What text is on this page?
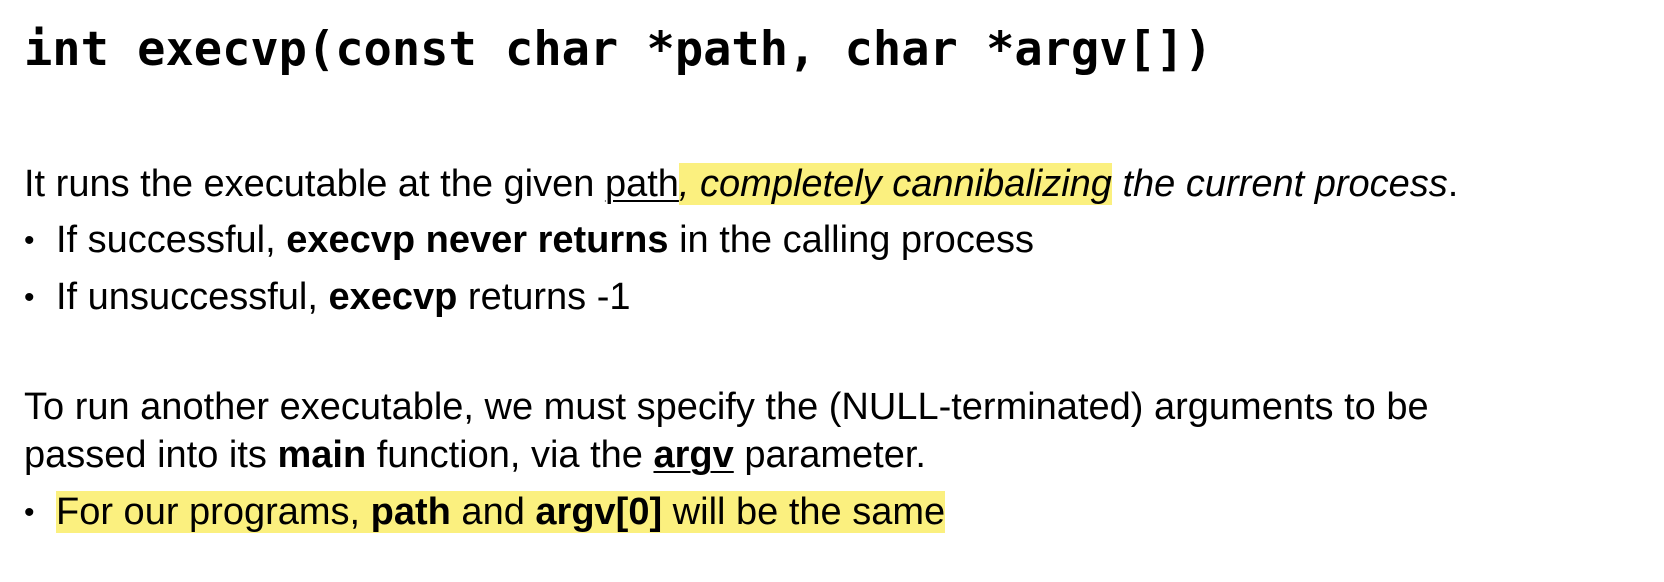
int execvp(const char *path, char *argv[])
It runs the executable at the given path, completely cannibalizing the current process.
• If successful, execvp never returns in the calling process
• If unsuccessful, execvp returns -1
To run another executable, we must specify the (NULL-terminated) arguments to be
passed into its main function, via the argv parameter.
• For our programs, path and argv[0] will be the same
